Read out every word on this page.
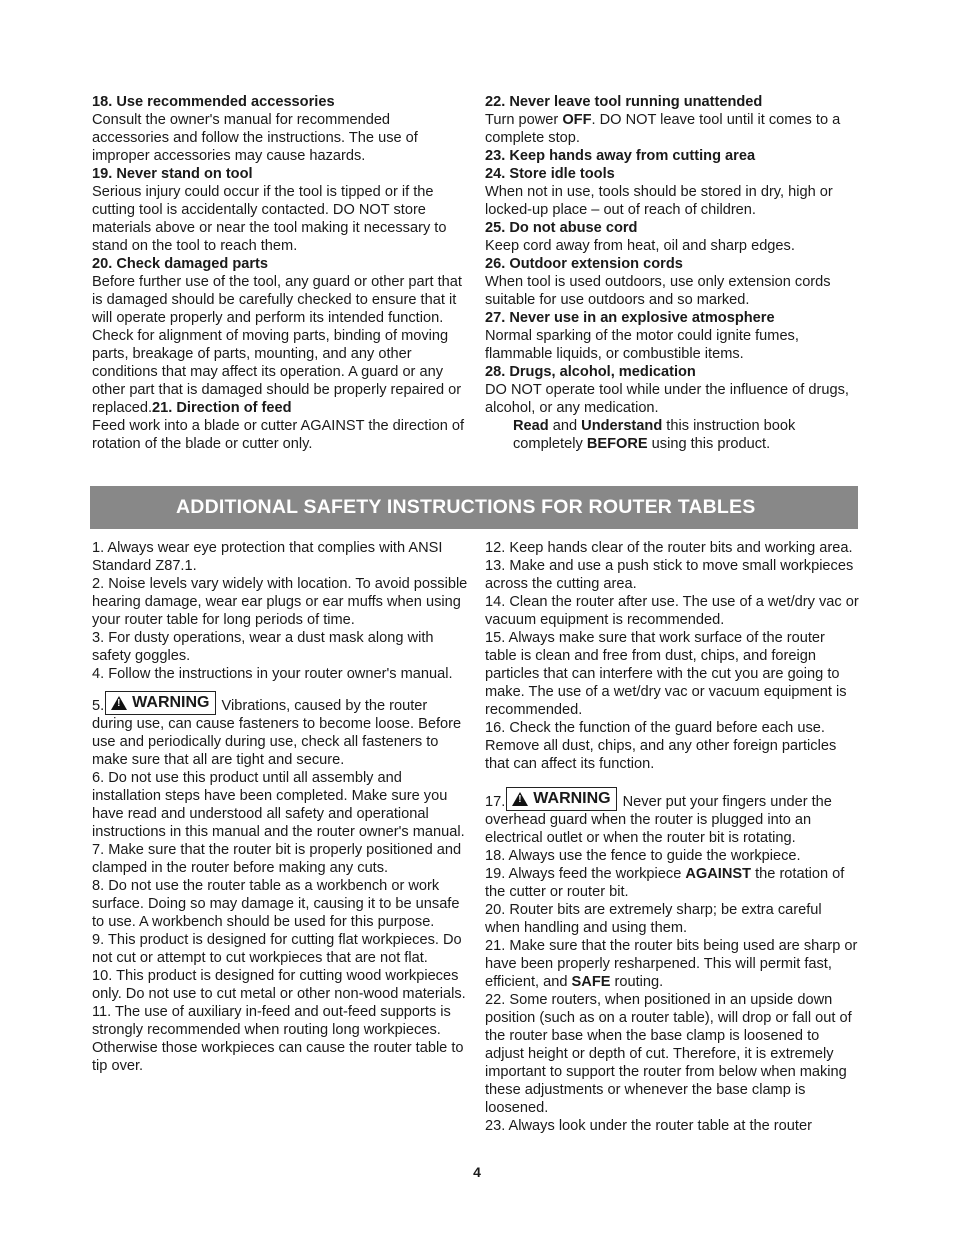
18. Use recommended accessories

Consult the owner's manual for recommended accessories and follow the instructions. The use of improper accessories may cause hazards.

19. Never stand on tool

Serious injury could occur if the tool is tipped or if the cutting tool is accidentally contacted. DO NOT store materials above or near the tool making it necessary to stand on the tool to reach them.

20. Check damaged parts

Before further use of the tool, any guard or other part that is damaged should be carefully checked to ensure that it will operate properly and perform its intended function. Check for alignment of moving parts, binding of moving parts, breakage of parts, mounting, and any other conditions that may affect its operation. A guard or any other part that is damaged should be properly repaired or replaced.21. Direction of feed

Feed work into a blade or cutter AGAINST the direction of rotation of the blade or cutter only.

22. Never leave tool running unattended

Turn power OFF. DO NOT leave tool until it comes to a complete stop.

23. Keep hands away from cutting area
24. Store idle tools

When not in use, tools should be stored in dry, high or locked-up place – out of reach of children.

25. Do not abuse cord

Keep cord away from heat, oil and sharp edges.

26. Outdoor extension cords

When tool is used outdoors, use only extension cords suitable for use outdoors and so marked.

27. Never use in an explosive atmosphere

Normal sparking of the motor could ignite fumes, flammable liquids, or combustible items.

28. Drugs, alcohol, medication

DO NOT operate tool while under the influence of drugs, alcohol, or any medication.

Read and Understand this instruction book completely BEFORE using this product.

ADDITIONAL SAFETY INSTRUCTIONS FOR ROUTER TABLES

1. Always wear eye protection that complies with ANSI Standard Z87.1.

2. Noise levels vary widely with location. To avoid possible hearing damage, wear ear plugs or ear muffs when using your router table for long periods of time.

3. For dusty operations, wear a dust mask along with safety goggles.

4. Follow the instructions in your router owner's manual.

5. ! WARNING Vibrations, caused by the router

during use, can cause fasteners to become loose. Before use and periodically during use, check all fasteners to make sure that all are tight and secure.

6. Do not use this product until all assembly and installation steps have been completed. Make sure you have read and understood all safety and operational instructions in this manual and the router owner's manual.

7. Make sure that the router bit is properly positioned and clamped in the router before making any cuts.

8. Do not use the router table as a workbench or work surface. Doing so may damage it, causing it to be unsafe to use. A workbench should be used for this purpose.

9. This product is designed for cutting flat workpieces. Do not cut or attempt to cut workpieces that are not flat.

10. This product is designed for cutting wood workpieces only. Do not use to cut metal or other non-wood materials.

11. The use of auxiliary in-feed and out-feed supports is strongly recommended when routing long workpieces. Otherwise those workpieces can cause the router table to tip over.

12. Keep hands clear of the router bits and working area.

13. Make and use a push stick to move small workpieces across the cutting area.

14. Clean the router after use. The use of a wet/dry vac or vacuum equipment is recommended.

15. Always make sure that work surface of the router table is clean and free from dust, chips, and foreign particles that can interfere with the cut you are going to make. The use of a wet/dry vac or vacuum equipment is recommended.

16. Check the function of the guard before each use. Remove all dust, chips, and any other foreign particles that can affect its function.

17. ! WARNING Never put your fingers under the

overhead guard when the router is plugged into an electrical outlet or when the router bit is rotating.

18. Always use the fence to guide the workpiece.

19. Always feed the workpiece AGAINST the rotation of the cutter or router bit.

20. Router bits are extremely sharp; be extra careful when handling and using them.

21. Make sure that the router bits being used are sharp or have been properly resharpened. This will permit fast, efficient, and SAFE routing.

22. Some routers, when positioned in an upside down position (such as on a router table), will drop or fall out of the router base when the base clamp is loosened to adjust height or depth of cut. Therefore, it is extremely important to support the router from below when making these adjustments or whenever the base clamp is loosened.

23. Always look under the router table at the router

4
